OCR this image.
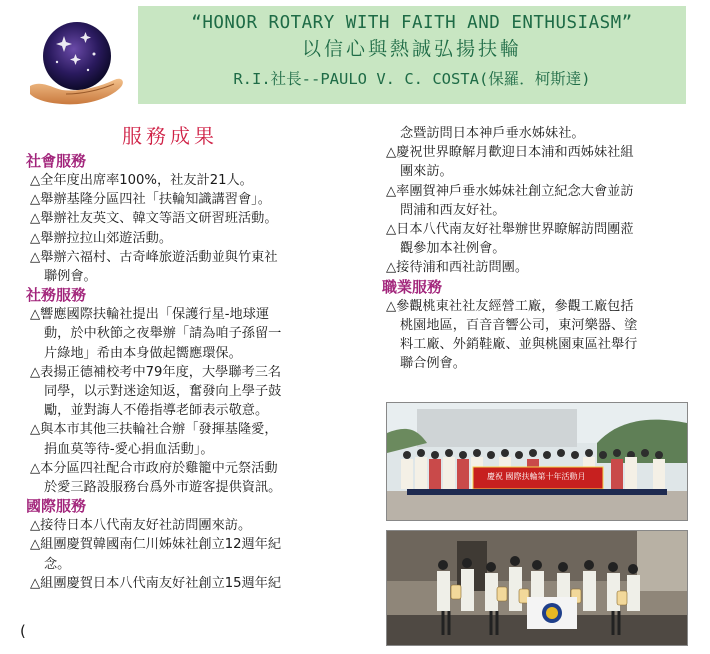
“HONOR ROTARY WITH FAITH AND ENTHUSIASM”

以信心與熱誠弘揚扶輪

R.I.社長--PAULO V. C. COSTA(保羅．柯斯達)

服務成果
社會服務

△全年度出席率100%，社友計21人。

△舉辦基隆分區四社「扶輪知識講習會」。

△舉辦社友英文、韓文等語文研習班活動。

△舉辦拉拉山郊遊活動。

△舉辦六福村、古奇峰旅遊活動並與竹東社

聯例會。

社務服務

△響應國際扶輪社提出「保護行星-地球運

動，於中秋節之夜舉辦「請為咱子孫留一

片綠地」希由本身做起嚮應環保。

△表揚正德補校考中79年度，大學聯考三名

同學，以示對迷途知返，奮發向上學子鼓

勵，並對誨人不倦指導老師表示敬意。

△與本市其他三扶輪社合辦「發揮基隆愛，

捐血莫等待-愛心捐血活動」。

△本分區四社配合市政府於雞籠中元祭活動

於愛三路設服務台爲外市遊客提供資訊。

國際服務

△接待日本八代南友好社訪問團來訪。

△組團慶賀韓國南仁川姊妹社創立12週年紀

念。

△組團慶賀日本八代南友好社創立15週年紀

(

念暨訪問日本神戶垂水姊妹社。

△慶祝世界瞭解月歡迎日本浦和西姊妹社組

團來訪。

△率團賀神戶垂水姊妹社創立紀念大會並訪

問浦和西友好社。

△日本八代南友好社舉辦世界瞭解訪問團蒞

觀參加本社例會。

△接待浦和西社訪問團。

職業服務

△參觀桃東社社友經營工廠，參觀工廠包括

桃園地區，百音音響公司，東河樂器、塗

料工廠、外銷鞋廠、並與桃園東區社舉行

聯合例會。

慶祝 國際扶輪第十年活動月
